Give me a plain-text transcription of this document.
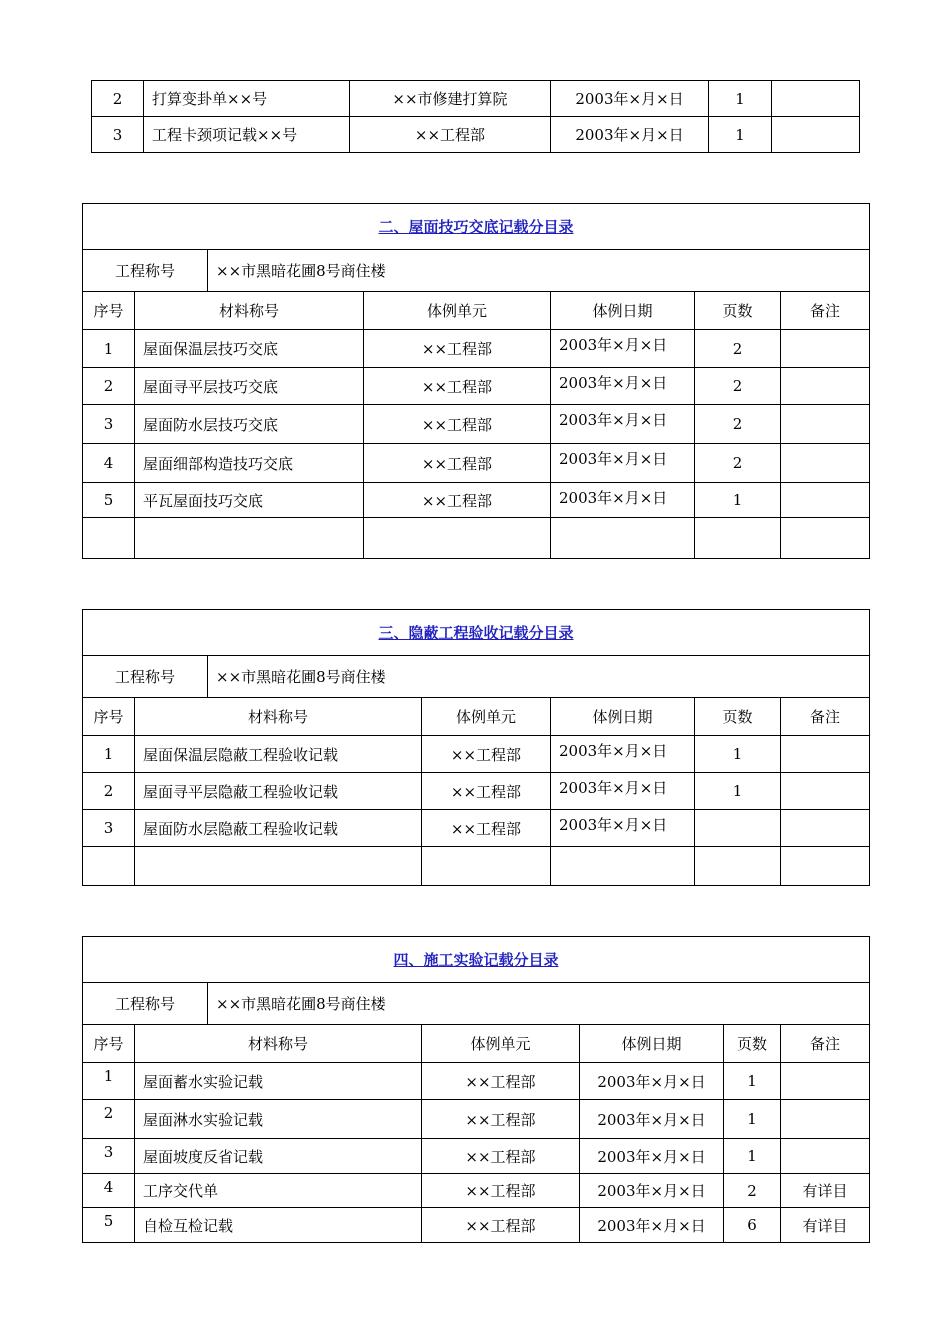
2	打算变卦单××号	××市修建打算院	2003年×月×日	1	
3	工程卡颈项记载××号	××工程部	2003年×月×日	1	
二、屋面技巧交底记载分目录						
工程称号		××市黑暗花圃8号商住楼				
序号	材料称号		体例单元	体例日期	页数	备注
1	屋面保温层技巧交底		××工程部	2003年×月×日	2	
2	屋面寻平层技巧交底		××工程部	2003年×月×日	2	
3	屋面防水层技巧交底		××工程部	2003年×月×日	2	
4	屋面细部构造技巧交底		××工程部	2003年×月×日	2	
5	平瓦屋面技巧交底		××工程部	2003年×月×日	1	

三、隐蔽工程验收记载分目录						
工程称号		××市黑暗花圃8号商住楼				
序号	材料称号		体例单元	体例日期	页数	备注
1	屋面保温层隐蔽工程验收记载		××工程部	2003年×月×日	1	
2	屋面寻平层隐蔽工程验收记载		××工程部	2003年×月×日	1	
3	屋面防水层隐蔽工程验收记载		××工程部	2003年×月×日		

四、施工实验记载分目录						
工程称号		××市黑暗花圃8号商住楼				
序号	材料称号		体例单元	体例日期	页数	备注
1	屋面蓄水实验记载		××工程部	2003年×月×日	1	
2	屋面淋水实验记载		××工程部	2003年×月×日	1	
3	屋面坡度反省记载		××工程部	2003年×月×日	1	
4	工序交代单		××工程部	2003年×月×日	2	有详目
5	自检互检记载		××工程部	2003年×月×日	6	有详目
